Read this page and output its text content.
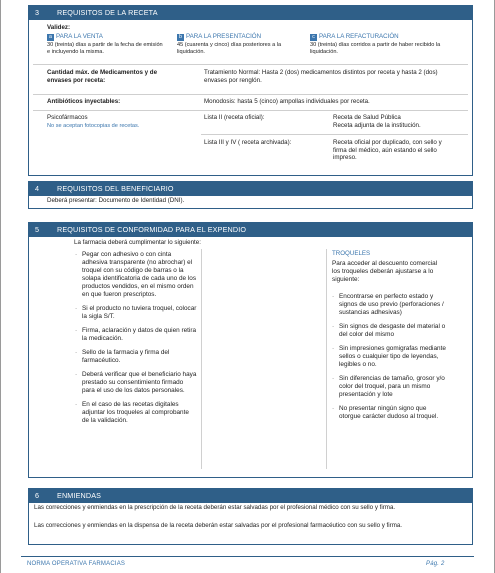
3	REQUISITOS DE LA RECETA
Validez:
a PARA LA VENTA
30 (treinta) días a partir de la fecha de emisión e incluyendo la misma.
b PARA LA PRESENTACIÓN
45 (cuarenta y cinco) días posteriores a la liquidación.
c PARA LA REFACTURACIÓN
30 (treinta) días corridos a partir de haber recibido la liquidación.
Cantidad máx. de Medicamentos y de envases por receta:
Tratamiento Normal: Hasta 2 (dos) medicamentos distintos por receta y hasta 2 (dos) envases por renglón.
Antibióticos inyectables:	Monodosis: hasta 5 (cinco) ampollas individuales por receta.
Psicofármacos
No se aceptan fotocopias de recetas.
Lista II (receta oficial):	Receta de Salud Pública
Receta adjunta de la institución.
Lista III y IV ( receta archivada):	Receta oficial por duplicado, con sello y firma del médico, aún estando el sello impreso.
4	REQUISITOS DEL BENEFICIARIO
Deberá presentar: Documento de Identidad (DNI).
5	REQUISITOS DE CONFORMIDAD PARA EL EXPENDIO
La farmacia deberá cumplimentar lo siguiente:
· Pegar con adhesivo o con cinta adhesiva transparente (no abrochar) el troquel con su código de barras o la solapa identificatoria de cada uno de los productos vendidos, en el mismo orden en que fueron prescriptos.
· Si el producto no tuviera troquel, colocar la sigla S/T.
· Firma, aclaración y datos de quien retira la medicación.
· Sello de la farmacia y firma del farmacéutico.
· Deberá verificar que el beneficiario haya prestado su consentimiento firmado para el uso de los datos personales.
· En el caso de las recetas digitales adjuntar los troqueles al comprobante de la validación.
TROQUELES
Para acceder al descuento comercial los troqueles deberán ajustarse a lo siguiente:
· Encontrarse en perfecto estado y signos de uso previo (perforaciones / sustancias adhesivas)
· Sin signos de desgaste del material o del color del mismo
· Sin impresiones gomigrafas mediante sellos o cualquier tipo de leyendas, legibles o no.
· Sin diferencias de tamaño, grosor y/o color del troquel, para un mismo presentación y lote
· No presentar ningún signo que otorgue carácter dudoso al troquel.
6	ENMIENDAS
Las correcciones y enmiendas en la prescripción de la receta deberán estar salvadas por el profesional médico con su sello y firma.
Las correcciones y enmiendas en la dispensa de la receta deberán estar salvadas por el profesional farmacéutico con su sello y firma.
NORMA OPERATIVA FARMACIAS	Pág. 2
